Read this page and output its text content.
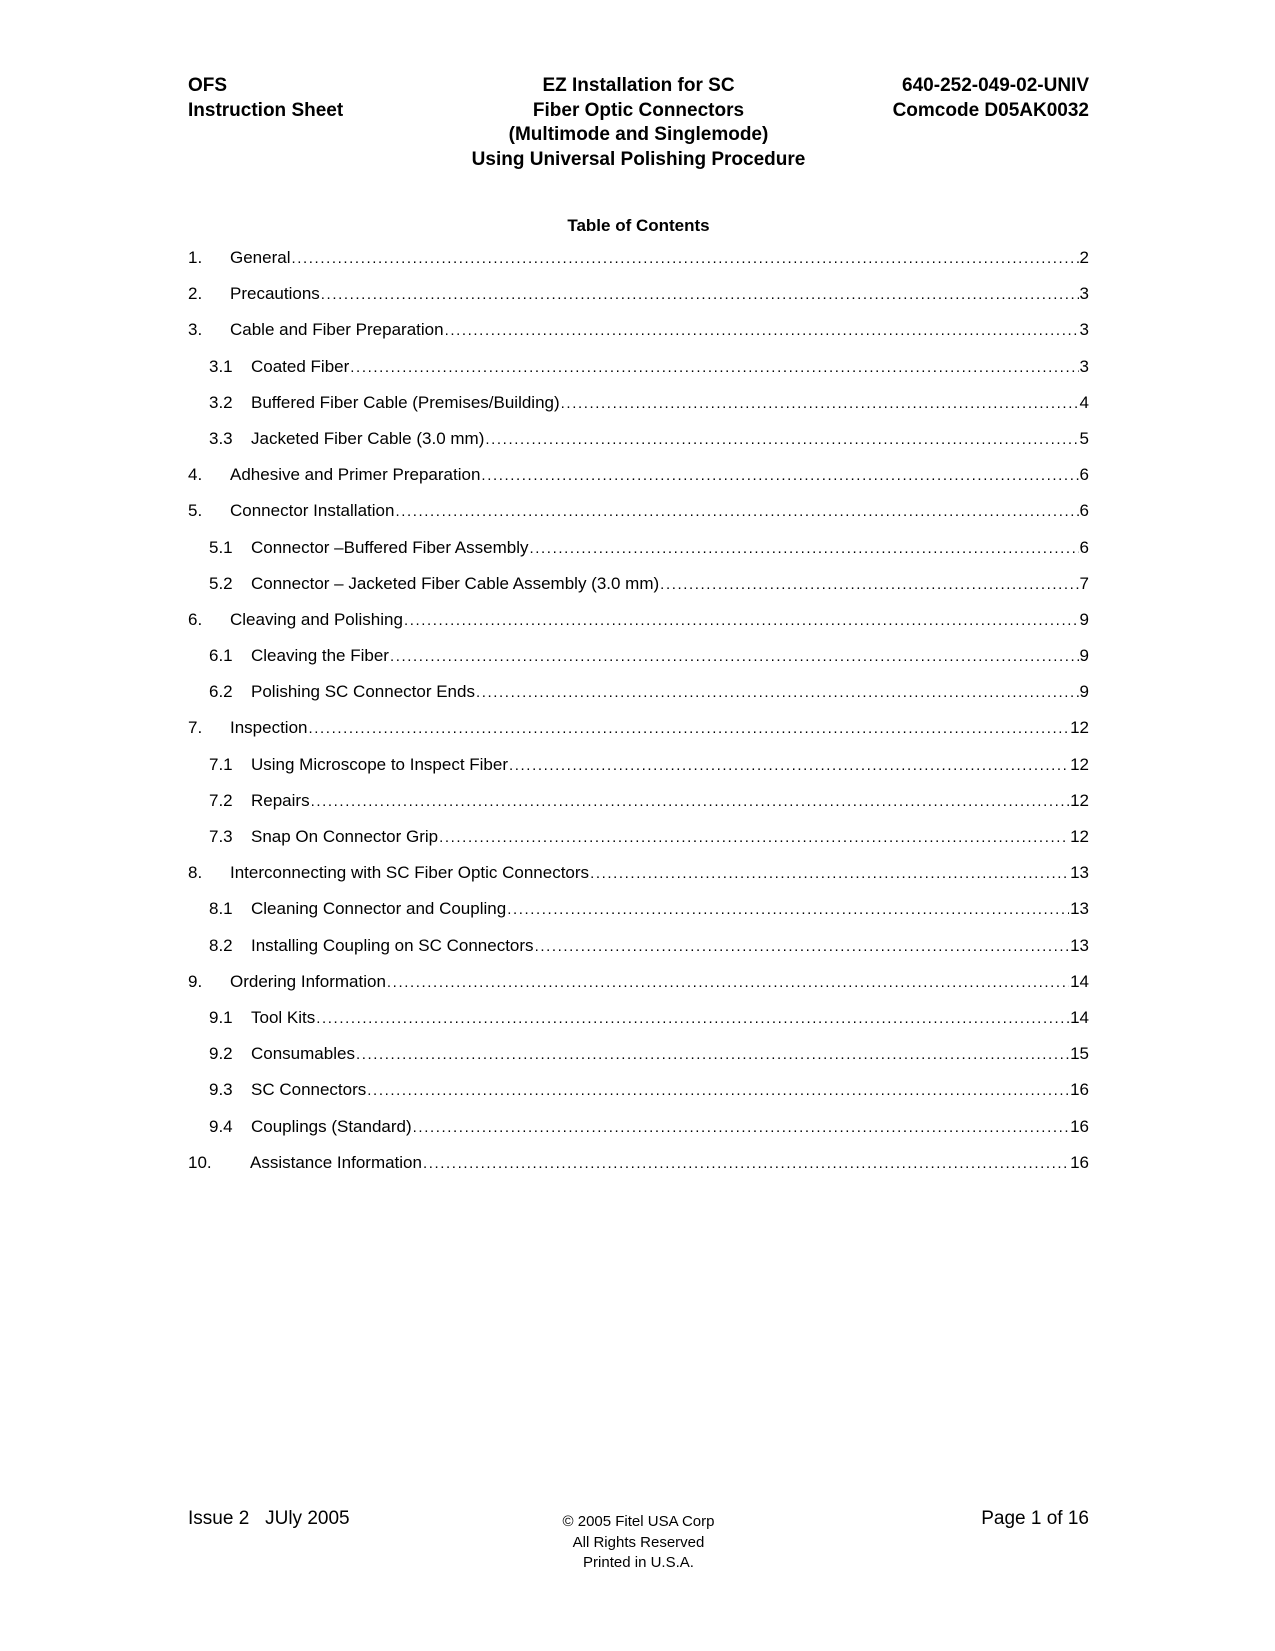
EZ Installation for SC
Fiber Optic Connectors
(Multimode and Singlemode)
Using Universal Polishing Procedure
OFS
Instruction Sheet
640-252-049-02-UNIV
Comcode D05AK0032
Table of Contents
1.	General .....	2
2.	Precautions .....	3
3.	Cable and Fiber Preparation .....	3
3.1	Coated Fiber .....	3
3.2	Buffered Fiber Cable (Premises/Building) .....	4
3.3	Jacketed Fiber Cable (3.0 mm) .....	5
4.	Adhesive and Primer Preparation .....	6
5.	Connector Installation .....	6
5.1	Connector –Buffered Fiber Assembly .....	6
5.2	Connector – Jacketed Fiber Cable Assembly (3.0 mm) .....	7
6.	Cleaving and Polishing .....	9
6.1	Cleaving the Fiber .....	9
6.2	Polishing SC Connector Ends .....	9
7.	Inspection .....	12
7.1	Using Microscope to Inspect Fiber .....	12
7.2	Repairs .....	12
7.3	Snap On Connector Grip .....	12
8.	Interconnecting with SC Fiber Optic Connectors .....	13
8.1	Cleaning Connector and Coupling .....	13
8.2	Installing Coupling on SC Connectors .....	13
9.	Ordering Information .....	14
9.1	Tool Kits .....	14
9.2	Consumables .....	15
9.3	SC Connectors .....	16
9.4	Couplings (Standard) .....	16
10.	Assistance Information .....	16
Issue 2   JUly 2005	© 2005 Fitel USA Corp
All Rights Reserved
Printed in U.S.A.
Page 1 of 16
